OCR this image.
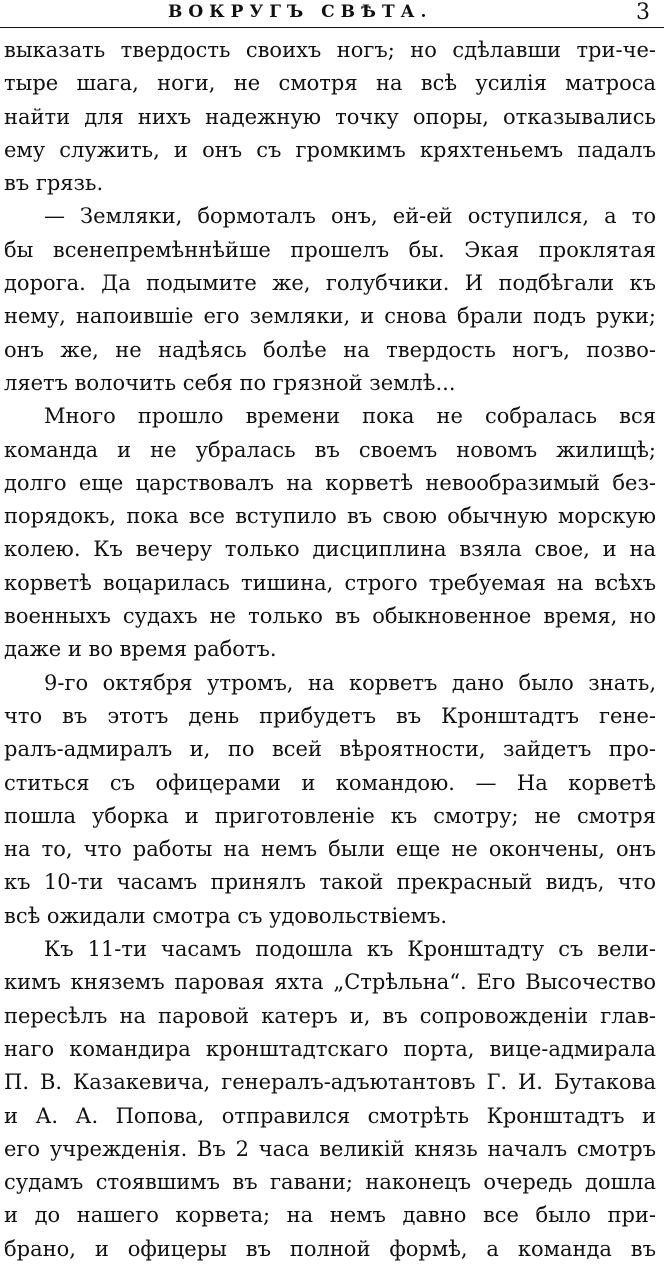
ВОКРУГЪ СВѢТА.	3
выказать твердость своихъ ногъ; но сдѣлавши три-че-
тыре шага, ноги, не смотря на всѣ усилія матроса
найти для нихъ надежную точку опоры, отказывались
ему служить, и онъ съ громкимъ кряхтеньемъ падалъ
въ грязь.
— Земляки, бормоталъ онъ, ей-ей оступился, а то
бы всенепремѣннѣйше прошелъ бы. Экая проклятая
дорога. Да подымите же, голубчики. И подбѣгали къ
нему, напоившіе его земляки, и снова брали подъ руки;
онъ же, не надѣясь болѣе на твердость ногъ, позво-
ляетъ волочить себя по грязной землѣ...
Много прошло времени пока не собралась вся
команда и не убралась въ своемъ новомъ жилищѣ;
долго еще царствовалъ на корветѣ невообразимый без-
порядокъ, пока все вступило въ свою обычную морскую
колею. Къ вечеру только дисциплина взяла свое, и на
корветѣ воцарилась тишина, строго требуемая на всѣхъ
военныхъ судахъ не только въ обыкновенное время, но
даже и во время работъ.
9-го октября утромъ, на корветъ дано было знать,
что въ этотъ день прибудетъ въ Кронштадтъ гене-
ралъ-адмиралъ и, по всей вѣроятности, зайдетъ про-
ститься съ офицерами и командою. — На корветѣ
пошла уборка и приготовленіе къ смотру; не смотря
на то, что работы на немъ были еще не окончены, онъ
къ 10-ти часамъ принялъ такой прекрасный видъ, что
всѣ ожидали смотра съ удовольствіемъ.
Къ 11-ти часамъ подошла къ Кронштадту съ вели-
кимъ княземъ паровая яхта „Стрѣльна“. Его Высочество
пересѣлъ на паровой катеръ и, въ сопровожденіи глав-
наго командира кронштадтскаго порта, вице-адмирала
П. В. Казакевича, генералъ-адъютантовъ Г. И. Бутакова
и А. А. Попова, отправился смотрѣть Кронштадтъ и
его учрежденія. Въ 2 часа великій князь началъ смотръ
судамъ стоявшимъ въ гавани; наконецъ очередь дошла
и до нашего корвета; на немъ давно все было при-
брано, и офицеры въ полной формѣ, а команда въ
